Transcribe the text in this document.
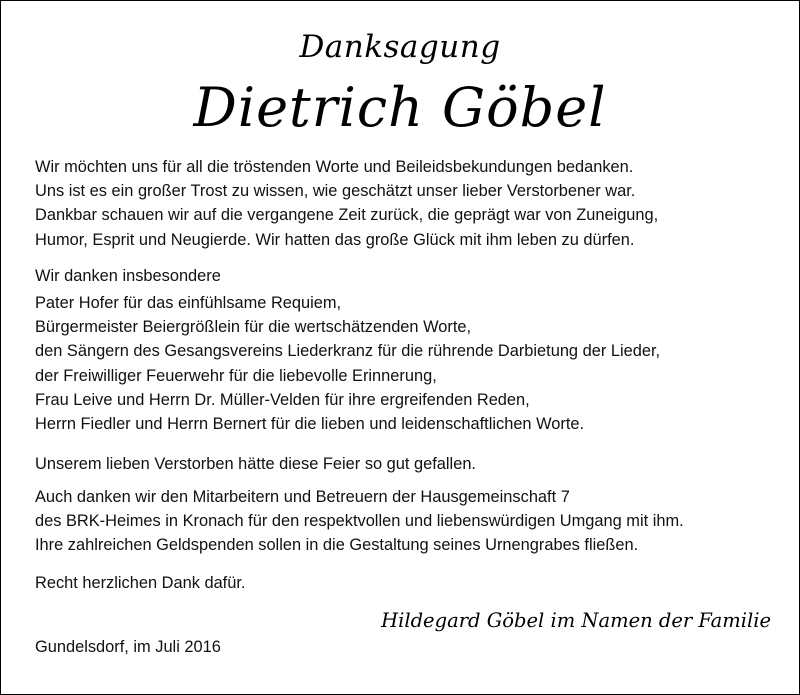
Danksagung
Dietrich Göbel
Wir möchten uns für all die tröstenden Worte und Beileidsbekundungen bedanken.
Uns ist es ein großer Trost zu wissen, wie geschätzt unser lieber Verstorbener war.
Dankbar schauen wir auf die vergangene Zeit zurück, die geprägt war von Zuneigung,
Humor, Esprit und Neugierde. Wir hatten das große Glück mit ihm leben zu dürfen.
Wir danken insbesondere
Pater Hofer für das einfühlsame Requiem,
Bürgermeister Beiergrößlein für die wertschätzenden Worte,
den Sängern des Gesangsvereins Liederkranz für die rührende Darbietung der Lieder,
der Freiwilliger Feuerwehr für die liebevolle Erinnerung,
Frau Leive und Herrn Dr. Müller-Velden für ihre ergreifenden Reden,
Herrn Fiedler und Herrn Bernert für die lieben und leidenschaftlichen Worte.
Unserem lieben Verstorben hätte diese Feier so gut gefallen.
Auch danken wir den Mitarbeitern und Betreuern der Hausgemeinschaft 7
des BRK-Heimes in Kronach für den respektvollen und liebenswürdigen Umgang mit ihm.
Ihre zahlreichen Geldspenden sollen in die Gestaltung seines Urnengrabes fließen.
Recht herzlichen Dank dafür.
Hildegard Göbel im Namen der Familie
Gundelsdorf, im Juli 2016
